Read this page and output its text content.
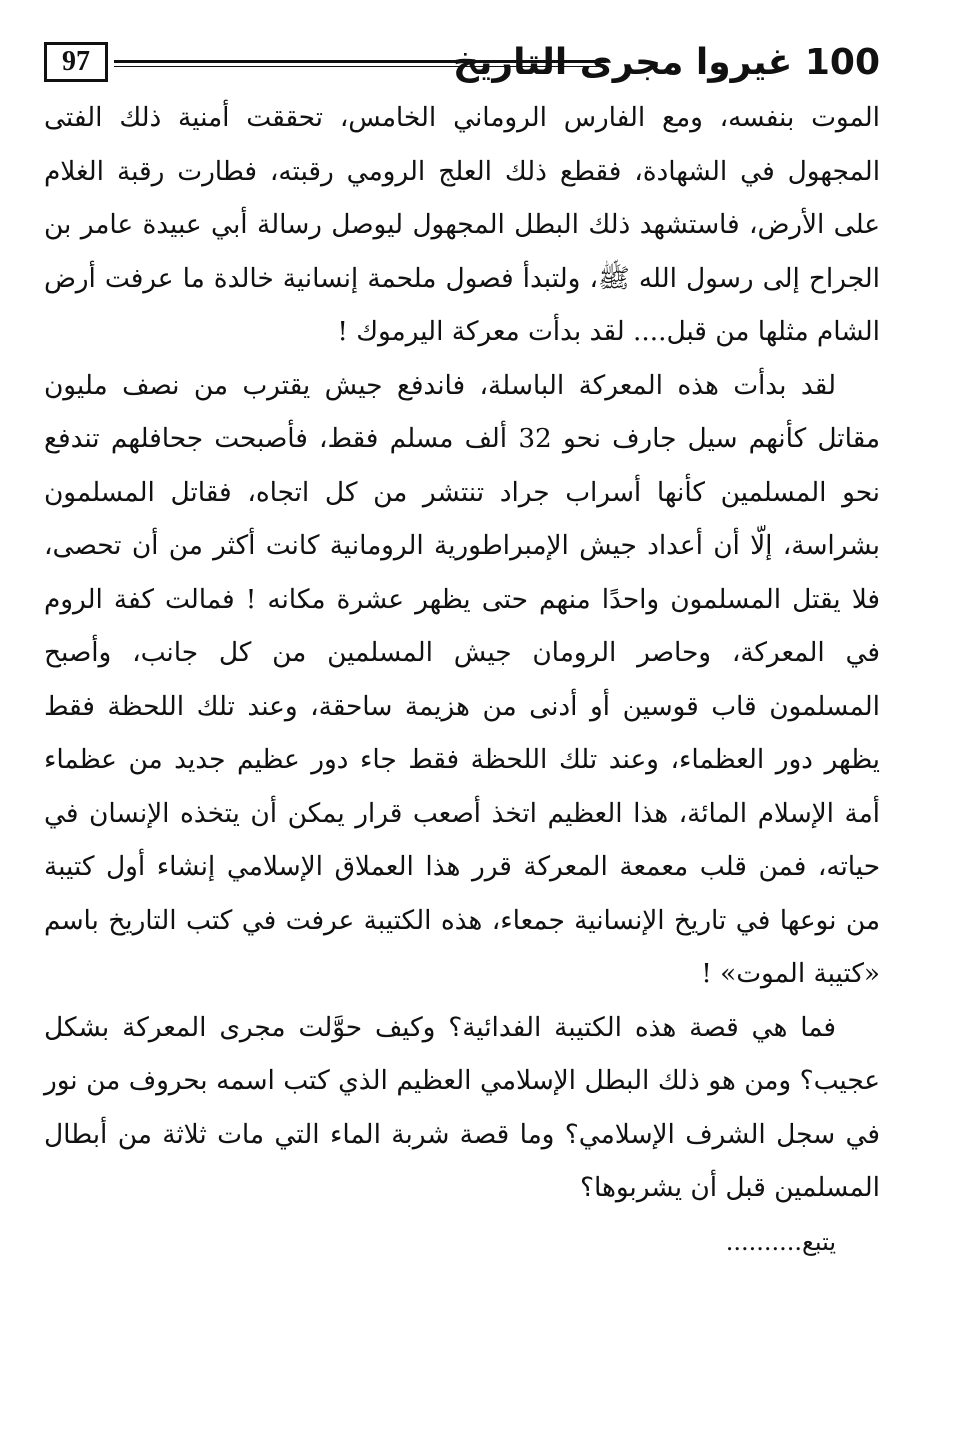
97	100 غيروا مجرى التاريخ

الموت بنفسه، ومع الفارس الروماني الخامس، تحققت أمنية ذلك الفتى المجهول في الشهادة، فقطع ذلك العلج الرومي رقبته، فطارت رقبة الغلام على الأرض، فاستشهد ذلك البطل المجهول ليوصل رسالة أبي عبيدة عامر بن الجراح إلى رسول الله ﷺ، ولتبدأ فصول ملحمة إنسانية خالدة ما عرفت أرض الشام مثلها من قبل.... لقد بدأت معركة اليرموك !

لقد بدأت هذه المعركة الباسلة، فاندفع جيش يقترب من نصف مليون مقاتل كأنهم سيل جارف نحو 32 ألف مسلم فقط، فأصبحت جحافلهم تندفع نحو المسلمين كأنها أسراب جراد تنتشر من كل اتجاه، فقاتل المسلمون بشراسة، إلّا أن أعداد جيش الإمبراطورية الرومانية كانت أكثر من أن تحصى، فلا يقتل المسلمون واحدًا منهم حتى يظهر عشرة مكانه ! فمالت كفة الروم في المعركة، وحاصر الرومان جيش المسلمين من كل جانب، وأصبح المسلمون قاب قوسين أو أدنى من هزيمة ساحقة، وعند تلك اللحظة فقط يظهر دور العظماء، وعند تلك اللحظة فقط جاء دور عظيم جديد من عظماء أمة الإسلام المائة، هذا العظيم اتخذ أصعب قرار يمكن أن يتخذه الإنسان في حياته، فمن قلب معمعة المعركة قرر هذا العملاق الإسلامي إنشاء أول كتيبة من نوعها في تاريخ الإنسانية جمعاء، هذه الكتيبة عرفت في كتب التاريخ باسم «كتيبة الموت» !

فما هي قصة هذه الكتيبة الفدائية؟ وكيف حوَّلت مجرى المعركة بشكل عجيب؟ ومن هو ذلك البطل الإسلامي العظيم الذي كتب اسمه بحروف من نور في سجل الشرف الإسلامي؟ وما قصة شربة الماء التي مات ثلاثة من أبطال المسلمين قبل أن يشربوها؟

يتبع..........
